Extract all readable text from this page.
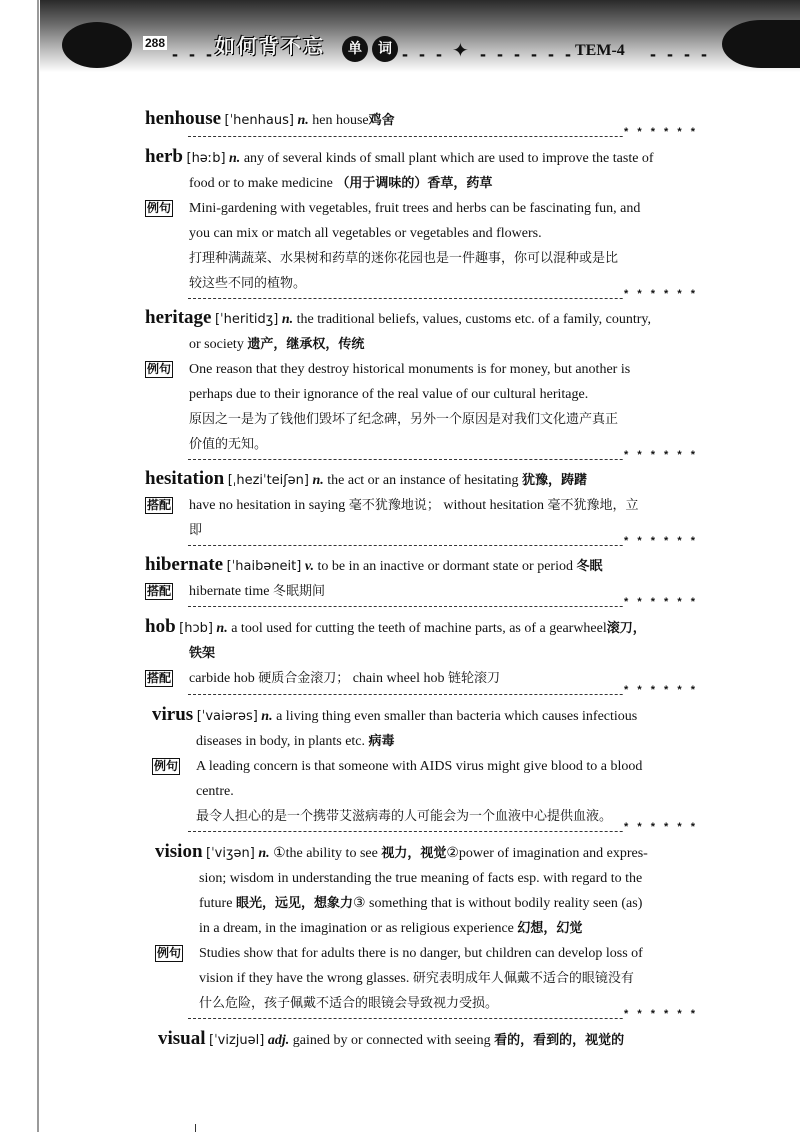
288
- - - 如何背不忘	单	词 - - - ✦ - - - - - - TEM-4 - - - -
henhouse [ˈhenhaus] n. hen house鸡舍
* * * * * *
herb [həːb] n. any of several kinds of small plant which are used to improve the taste of
food or to make medicine （用于调味的）香草，药草
例句 Mini-gardening with vegetables, fruit trees and herbs can be fascinating fun, and
you can mix or match all vegetables or vegetables and flowers.
打理种满蔬菜、水果树和药草的迷你花园也是一件趣事，你可以混种或是比
较这些不同的植物。
* * * * * *
heritage [ˈheritidʒ] n. the traditional beliefs, values, customs etc. of a family, country,
or society 遗产，继承权，传统
例句 One reason that they destroy historical monuments is for money, but another is
perhaps due to their ignorance of the real value of our cultural heritage.
原因之一是为了钱他们毁坏了纪念碑，另外一个原因是对我们文化遗产真正
价值的无知。
* * * * * *
hesitation [ˌheziˈteiʃən] n. the act or an instance of hesitating 犹豫，踌躇
搭配 have no hesitation in saying 毫不犹豫地说； without hesitation 毫不犹豫地，立
即
* * * * * *
hibernate [ˈhaibəneit] v. to be in an inactive or dormant state or period 冬眠
搭配 hibernate time 冬眠期间
* * * * * *
hob [hɔb] n. a tool used for cutting the teeth of machine parts, as of a gearwheel滚刀，
铁架
搭配 carbide hob 硬质合金滚刀； chain wheel hob 链轮滚刀
* * * * * *
virus [ˈvaiərəs] n. a living thing even smaller than bacteria which causes infectious
diseases in body, in plants etc. 病毒
例句 A leading concern is that someone with AIDS virus might give blood to a blood
centre.
最令人担心的是一个携带艾滋病毒的人可能会为一个血液中心提供血液。
* * * * * *
vision [ˈviʒən] n. ①the ability to see 视力，视觉②power of imagination and expres-
sion; wisdom in understanding the true meaning of facts esp. with regard to the
future 眼光，远见，想象力③ something that is without bodily reality seen (as)
in a dream, in the imagination or as religious experience 幻想，幻觉
例句 Studies show that for adults there is no danger, but children can develop loss of
vision if they have the wrong glasses. 研究表明成年人佩戴不适合的眼镜没有
什么危险，孩子佩戴不适合的眼镜会导致视力受损。
* * * * * *
visual [ˈvizjuəl] adj. gained by or connected with seeing 看的，看到的，视觉的
